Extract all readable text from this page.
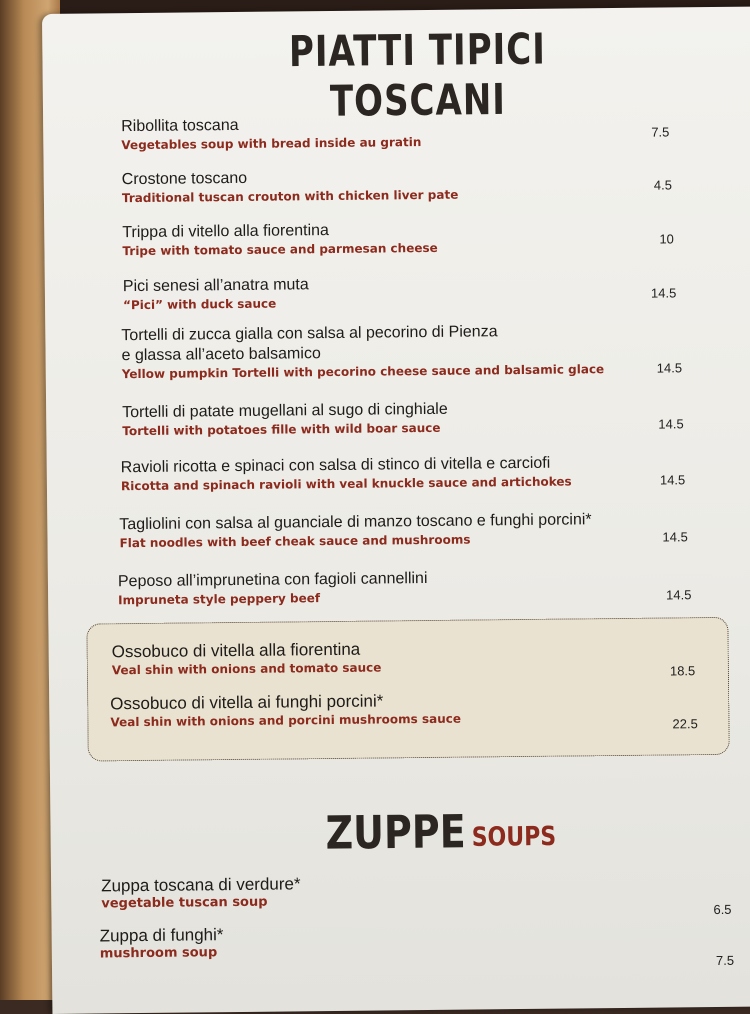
PIATTI TIPICI TOSCANI
Ribollita toscana
Vegetables soup with bread inside au gratin
7.5
Crostone toscano
Traditional tuscan crouton with chicken liver pate
4.5
Trippa di vitello alla fiorentina
Tripe with tomato sauce and parmesan cheese
10
Pici senesi all’anatra muta
“Pici” with duck sauce
14.5
Tortelli di zucca gialla con salsa al pecorino di Pienza
e glassa all’aceto balsamico
Yellow pumpkin Tortelli with pecorino cheese sauce and balsamic glace	14.5
Tortelli di patate mugellani al sugo di cinghiale
Tortelli with potatoes fille with wild boar sauce	14.5
Ravioli ricotta e spinaci con salsa di stinco di vitella e carciofi
Ricotta and spinach ravioli with veal knuckle sauce and artichokes	14.5
Tagliolini con salsa al guanciale di manzo toscano e funghi porcini*
Flat noodles with beef cheak sauce and mushrooms	14.5
Peposo all’imprunetina con fagioli cannellini
Impruneta style peppery beef	14.5
Ossobuco di vitella alla fiorentina
Veal shin with onions and tomato sauce	18.5
Ossobuco di vitella ai funghi porcini*
Veal shin with onions and porcini mushrooms sauce	22.5
ZUPPE SOUPS
Zuppa toscana di verdure*
vegetable tuscan soup	6.5
Zuppa di funghi*
mushroom soup	7.5
